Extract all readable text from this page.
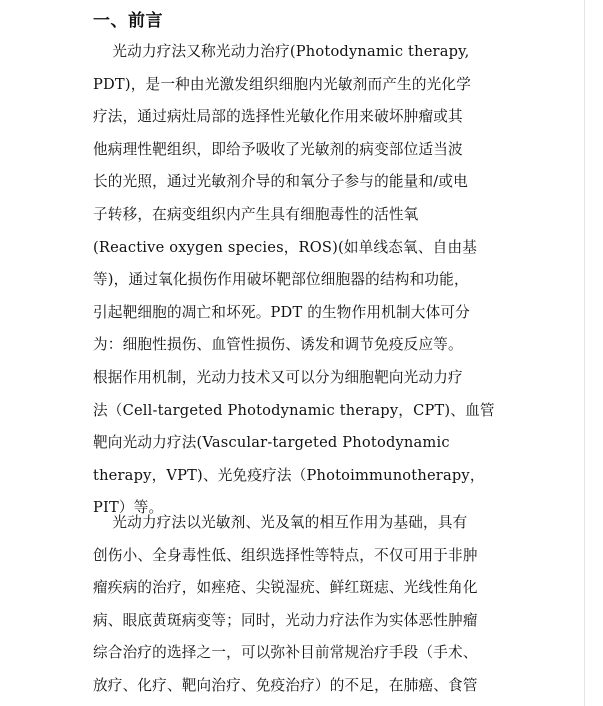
一、前言
光动力疗法又称光动力治疗(Photodynamic therapy,
PDT)，是一种由光激发组织细胞内光敏剂而产生的光化学
疗法，通过病灶局部的选择性光敏化作用来破坏肿瘤或其
他病理性靶组织，即给予吸收了光敏剂的病变部位适当波
长的光照，通过光敏剂介导的和氧分子参与的能量和/或电
子转移，在病变组织内产生具有细胞毒性的活性氧
(Reactive oxygen species，ROS)(如单线态氧、自由基
等)，通过氧化损伤作用破坏靶部位细胞器的结构和功能，
引起靶细胞的凋亡和坏死。PDT 的生物作用机制大体可分
为：细胞性损伤、血管性损伤、诱发和调节免疫反应等。
根据作用机制，光动力技术又可以分为细胞靶向光动力疗
法（Cell-targeted Photodynamic therapy，CPT)、血管
靶向光动力疗法(Vascular-targeted Photodynamic
therapy，VPT)、光免疫疗法（Photoimmunotherapy，
PIT）等。
光动力疗法以光敏剂、光及氧的相互作用为基础，具有
创伤小、全身毒性低、组织选择性等特点，不仅可用于非肿
瘤疾病的治疗，如痤疮、尖锐湿疣、鲜红斑痣、光线性角化
病、眼底黄斑病变等；同时，光动力疗法作为实体恶性肿瘤
综合治疗的选择之一，可以弥补目前常规治疗手段（手术、
放疗、化疗、靶向治疗、免疫治疗）的不足，在肺癌、食管
